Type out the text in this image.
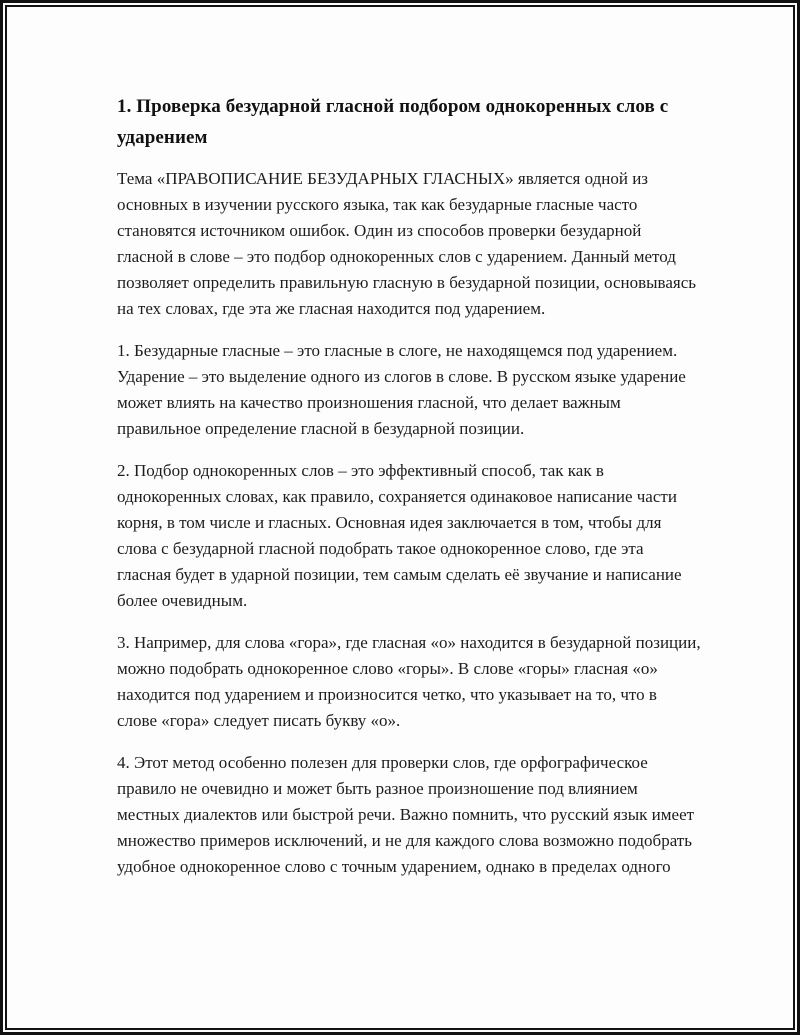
1. Проверка безударной гласной подбором однокоренных слов с ударением

Тема «ПРАВОПИСАНИЕ БЕЗУДАРНЫХ ГЛАСНЫХ» является одной из основных в изучении русского языка, так как безударные гласные часто становятся источником ошибок. Один из способов проверки безударной гласной в слове – это подбор однокоренных слов с ударением. Данный метод позволяет определить правильную гласную в безударной позиции, основываясь на тех словах, где эта же гласная находится под ударением.

1. Безударные гласные – это гласные в слоге, не находящемся под ударением. Ударение – это выделение одного из слогов в слове. В русском языке ударение может влиять на качество произношения гласной, что делает важным правильное определение гласной в безударной позиции.

2. Подбор однокоренных слов – это эффективный способ, так как в однокоренных словах, как правило, сохраняется одинаковое написание части корня, в том числе и гласных. Основная идея заключается в том, чтобы для слова с безударной гласной подобрать такое однокоренное слово, где эта гласная будет в ударной позиции, тем самым сделать её звучание и написание более очевидным.

3. Например, для слова «гора», где гласная «о» находится в безударной позиции, можно подобрать однокоренное слово «горы». В слове «горы» гласная «о» находится под ударением и произносится четко, что указывает на то, что в слове «гора» следует писать букву «о».

4. Этот метод особенно полезен для проверки слов, где орфографическое правило не очевидно и может быть разное произношение под влиянием местных диалектов или быстрой речи. Важно помнить, что русский язык имеет множество примеров исключений, и не для каждого слова возможно подобрать удобное однокоренное слово с точным ударением, однако в пределах одного
